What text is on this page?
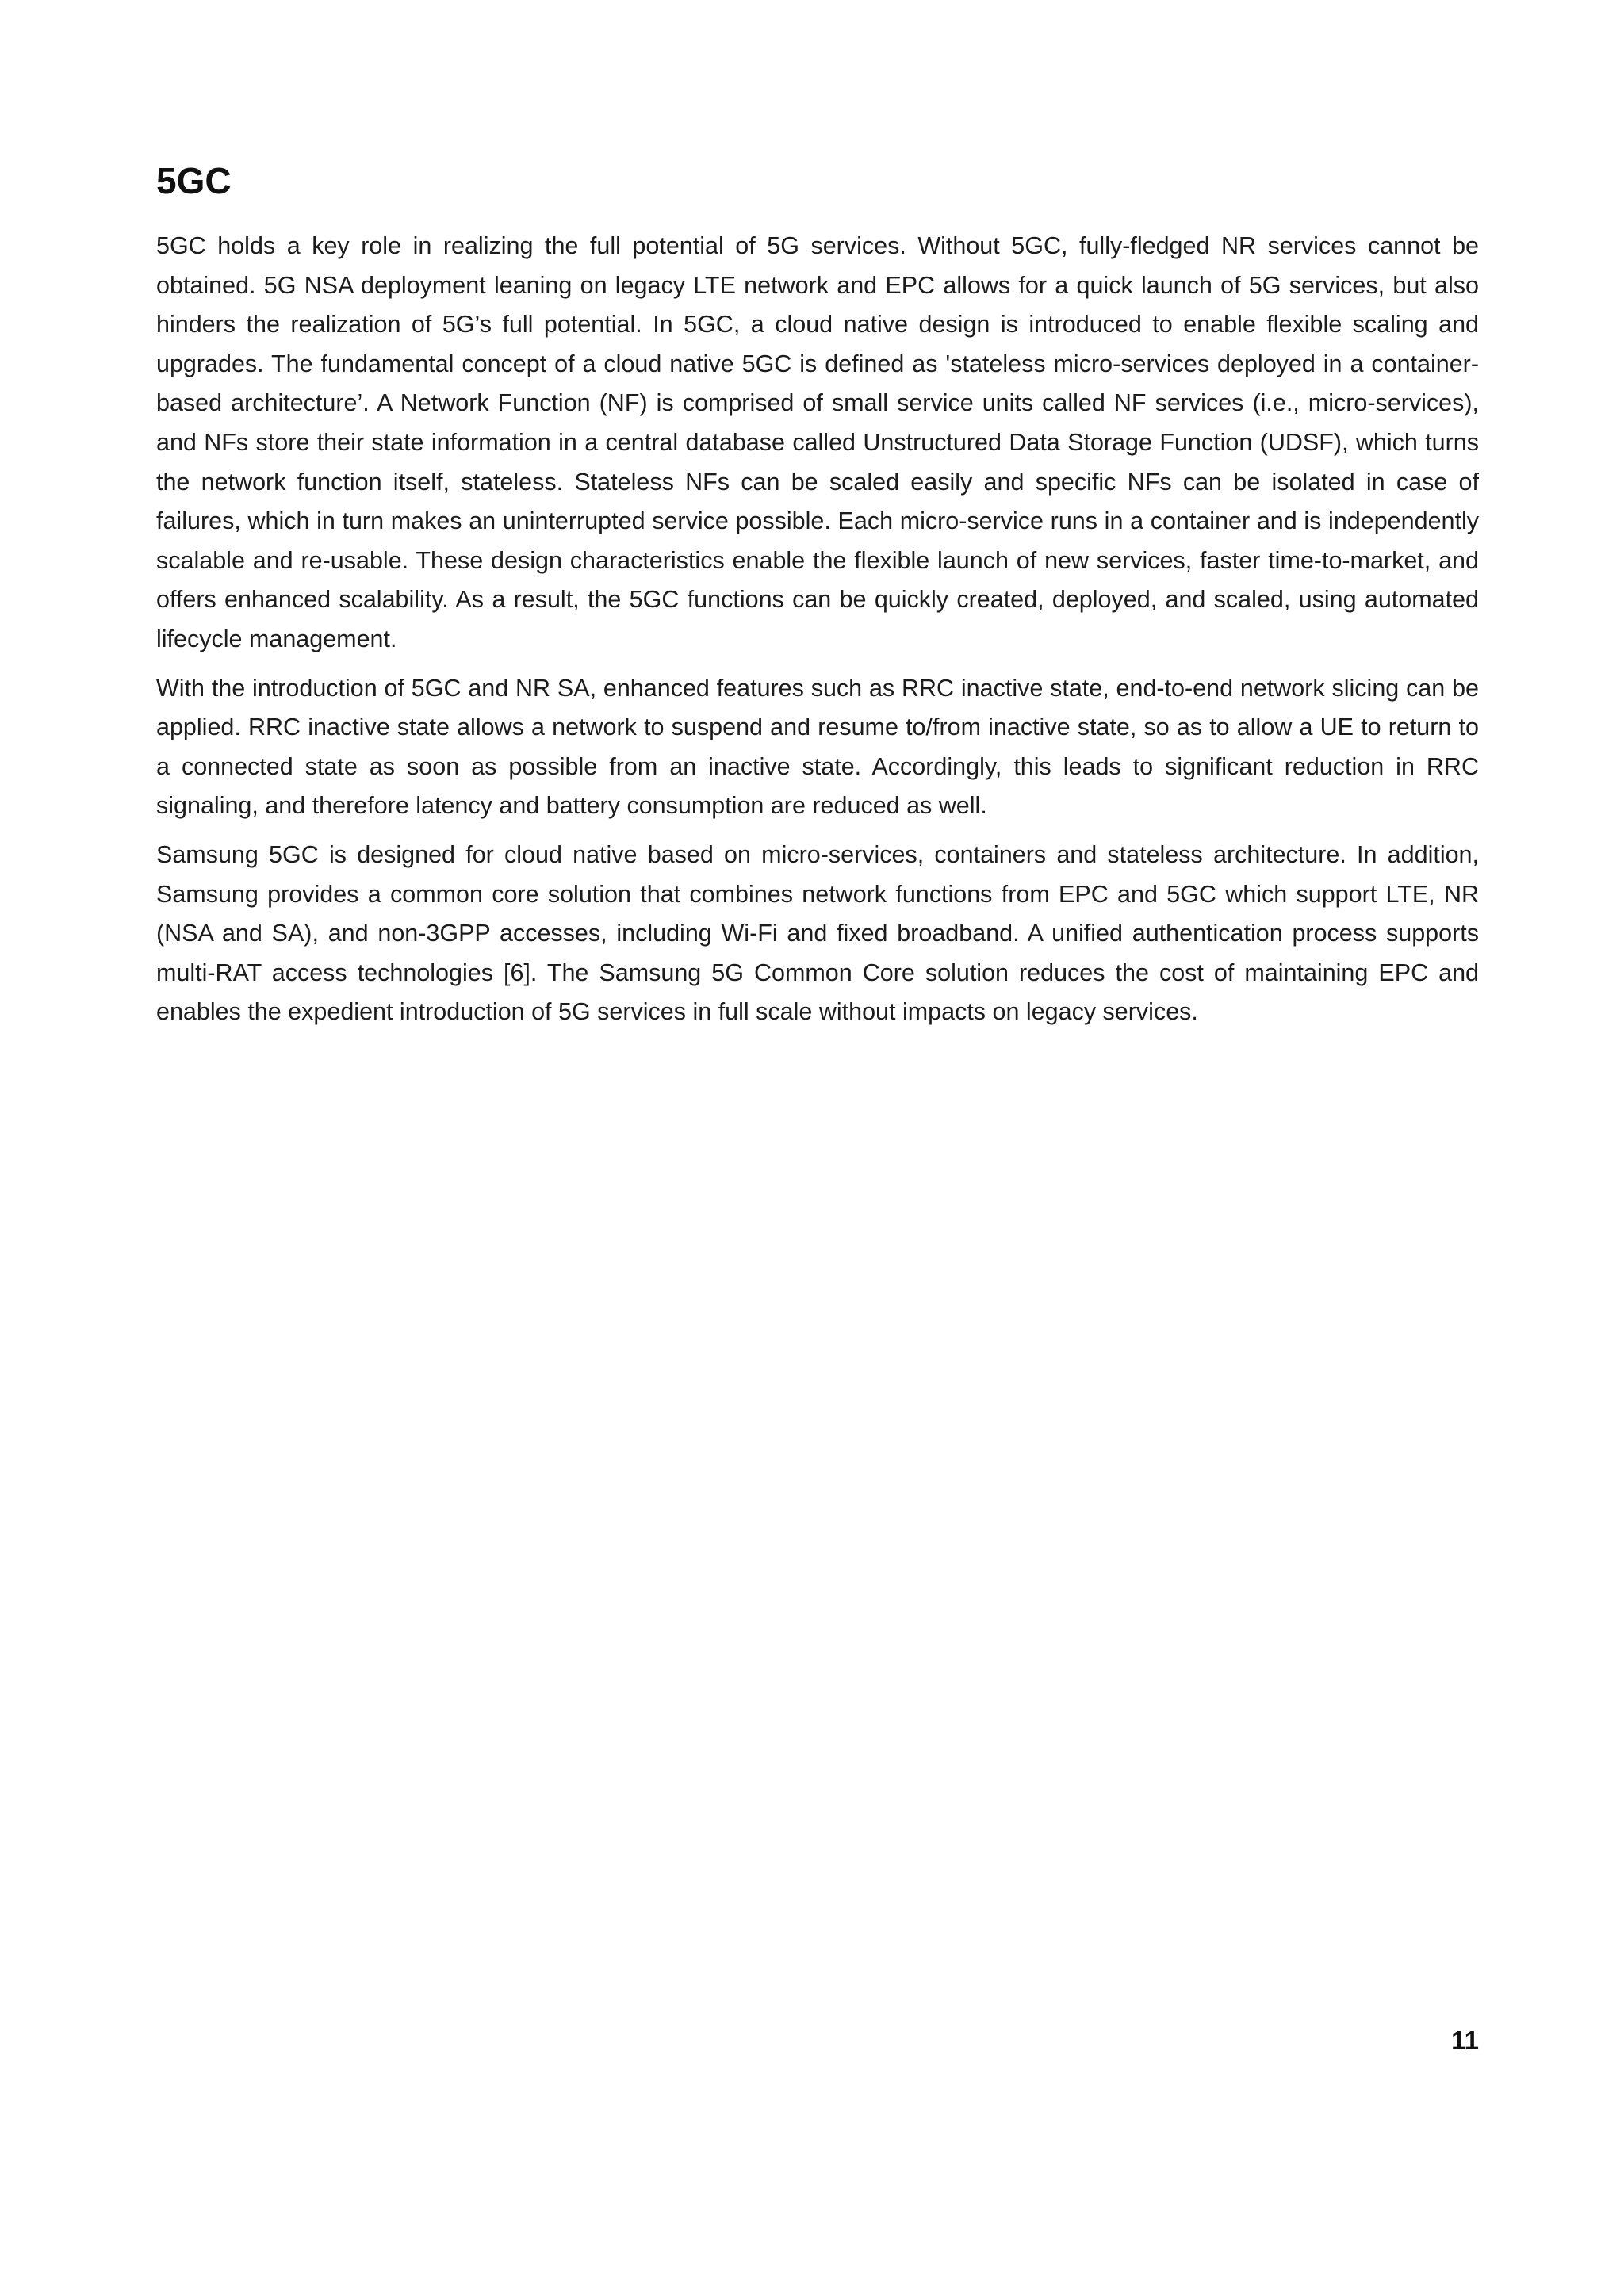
5GC

5GC holds a key role in realizing the full potential of 5G services. Without 5GC, fully-fledged NR services cannot be obtained. 5G NSA deployment leaning on legacy LTE network and EPC allows for a quick launch of 5G services, but also hinders the realization of 5G’s full potential. In 5GC, a cloud native design is introduced to enable flexible scaling and upgrades. The fundamental concept of a cloud native 5GC is defined as 'stateless micro-services deployed in a container-based architecture’. A Network Function (NF) is comprised of small service units called NF services (i.e., micro-services), and NFs store their state information in a central database called Unstructured Data Storage Function (UDSF), which turns the network function itself, stateless. Stateless NFs can be scaled easily and specific NFs can be isolated in case of failures, which in turn makes an uninterrupted service possible. Each micro-service runs in a container and is independently scalable and re-usable. These design characteristics enable the flexible launch of new services, faster time-to-market, and offers enhanced scalability. As a result, the 5GC functions can be quickly created, deployed, and scaled, using automated lifecycle management.

With the introduction of 5GC and NR SA, enhanced features such as RRC inactive state, end-to-end network slicing can be applied. RRC inactive state allows a network to suspend and resume to/from inactive state, so as to allow a UE to return to a connected state as soon as possible from an inactive state. Accordingly, this leads to significant reduction in RRC signaling, and therefore latency and battery consumption are reduced as well.

Samsung 5GC is designed for cloud native based on micro-services, containers and stateless architecture. In addition, Samsung provides a common core solution that combines network functions from EPC and 5GC which support LTE, NR (NSA and SA), and non-3GPP accesses, including Wi-Fi and fixed broadband. A unified authentication process supports multi-RAT access technologies [6]. The Samsung 5G Common Core solution reduces the cost of maintaining EPC and enables the expedient introduction of 5G services in full scale without impacts on legacy services.

11
